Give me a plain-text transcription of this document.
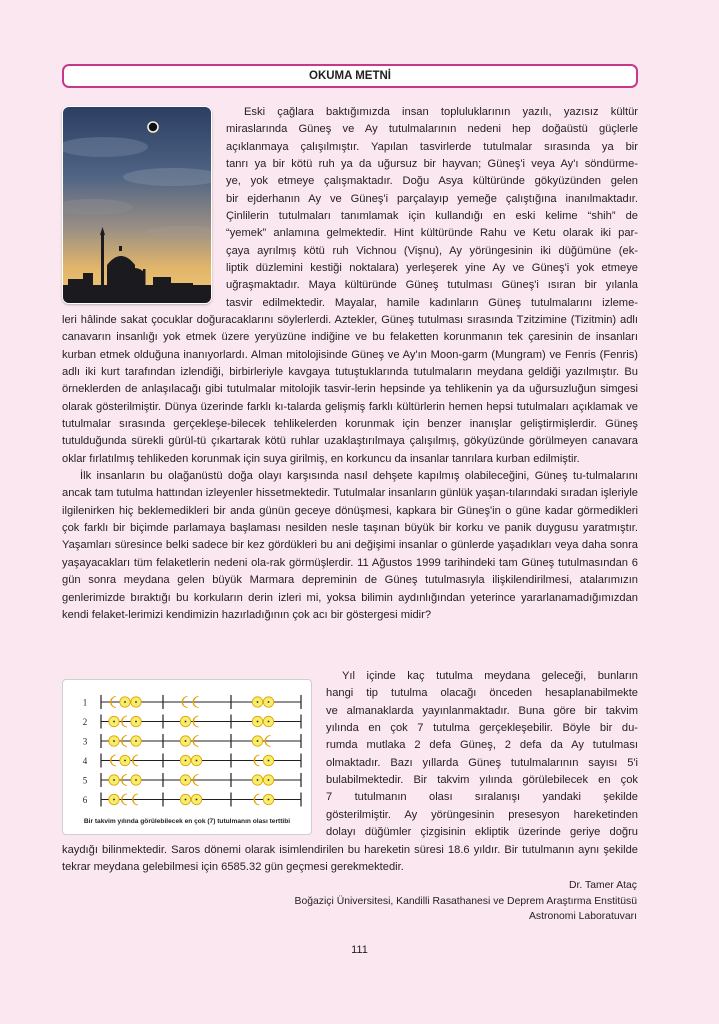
OKUMA METNİ
Eski çağlara baktığımızda insan topluluklarının yazılı, yazısız kültür
miraslarında Güneş ve Ay tutulmalarının nedeni hep doğaüstü güçlerle
açıklanmaya çalışılmıştır. Yapılan tasvirlerde tutulmalar sırasında ya bir
tanrı ya bir kötü ruh ya da uğursuz bir hayvan; Güneş'i veya Ay'ı söndürme-
ye, yok etmeye çalışmaktadır. Doğu Asya kültüründe gökyüzünden gelen
bir ejderhanın Ay ve Güneş'i parçalayıp yemeğe çalıştığına inanılmaktadır.
Çinlilerin tutulmaları tanımlamak için kullandığı en eski kelime “shih” de
“yemek” anlamına gelmektedir. Hint kültüründe Rahu ve Ketu olarak iki par-
çaya ayrılmış kötü ruh Vichnou (Vişnu), Ay yörüngesinin iki düğümüne (ek-
liptik düzlemini kestiği noktalara) yerleşerek yine Ay ve Güneş'i yok etmeye
uğraşmaktadır. Maya kültüründe Güneş tutulması Güneş'i ısıran bir yılanla
tasvir edilmektedir. Mayalar, hamile kadınların Güneş tutulmalarını izleme-

leri hâlinde sakat çocuklar doğuracaklarını söylerlerdi. Aztekler, Güneş tutulması sırasında Tzitzimine (Tizitmin) adlı canavarın insanlığı yok etmek üzere yeryüzüne indiğine ve bu felaketten korunmanın tek çaresinin de insanları kurban etmek olduğuna inanıyorlardı. Alman mitolojisinde Güneş ve Ay'ın Moon-garm (Mungram) ve Fenris (Fenris) adlı iki kurt tarafından izlendiği, birbirleriyle kavgaya tutuştuklarında tutulmaların meydana geldiği yazılmıştır. Bu örneklerden de anlaşılacağı gibi tutulmalar mitolojik tasvir-lerin hepsinde ya tehlikenin ya da uğursuzluğun simgesi olarak gösterilmiştir. Dünya üzerinde farklı kı-talarda gelişmiş farklı kültürlerin hemen hepsi tutulmaları açıklamak ve tutulmalar sırasında gerçekleşe-bilecek tehlikelerden korunmak için benzer inanışlar geliştirmişlerdir. Güneş tutulduğunda sürekli gürül-tü çıkartarak kötü ruhlar uzaklaştırılmaya çalışılmış, gökyüzünde görülmeyen canavara oklar fırlatılmış tehlikeden korunmak için suya girilmiş, en korkuncu da insanlar tanrılara kurban edilmiştir.

İlk insanların bu olağanüstü doğa olayı karşısında nasıl dehşete kapılmış olabileceğini, Güneş tu-tulmalarını ancak tam tutulma hattından izleyenler hissetmektedir. Tutulmalar insanların günlük yaşan-tılarındaki sıradan işleriyle ilgilenirken hiç beklemedikleri bir anda günün geceye dönüşmesi, kapkara bir Güneş'in o güne kadar görmedikleri çok farklı bir biçimde parlamaya başlaması nesilden nesle taşınan büyük bir korku ve panik duygusu yaratmıştır. Yaşamları süresince belki sadece bir kez gördükleri bu ani değişimi insanlar o günlerde yaşadıkları veya daha sonra yaşayacakları tüm felaketlerin nedeni ola-rak görmüşlerdir. 11 Ağustos 1999 tarihindeki tam Güneş tutulmasından 6 gün sonra meydana gelen büyük Marmara depreminin de Güneş tutulmasıyla ilişkilendirilmesi, atalarımızın genlerimizde bıraktığı bu korkuların derin izleri mi, yoksa bilimin aydınlığından yeterince yararlanamadığımızdan kendi felaket-lerimizi kendimizin hazırladığının çok acı bir göstergesi midir?

1
2
3
4
5
6
Bir takvim yılında görülebilecek en çok (7) tutulmanın olası terttibi
Yıl içinde kaç tutulma meydana geleceği, bunların
hangi tip tutulma olacağı önceden hesaplanabilmekte
ve almanaklarda yayınlanmaktadır. Buna göre bir takvim
yılında en çok 7 tutulma gerçekleşebilir. Böyle bir du-
rumda mutlaka 2 defa Güneş, 2 defa da Ay tutulması
olmaktadır. Bazı yıllarda Güneş tutulmalarının sayısı 5'i
bulabilmektedir. Bir takvim yılında görülebilecek en çok
7 tutulmanın olası sıralanışı yandaki şekilde
gösterilmiştir. Ay yörüngesinin presesyon hareketinden
dolayı düğümler çizgisinin ekliptik üzerinde geriye doğru

kaydığı bilinmektedir. Saros dönemi olarak isimlendirilen bu hareketin süresi 18.6 yıldır. Bir tutulmanın aynı şekilde tekrar meydana gelebilmesi için 6585.32 gün geçmesi gerekmektedir.

Dr. Tamer Ataç
Boğaziçi Üniversitesi, Kandilli Rasathanesi ve Deprem Araştırma Enstitüsü
Astronomi Laboratuvarı
111
